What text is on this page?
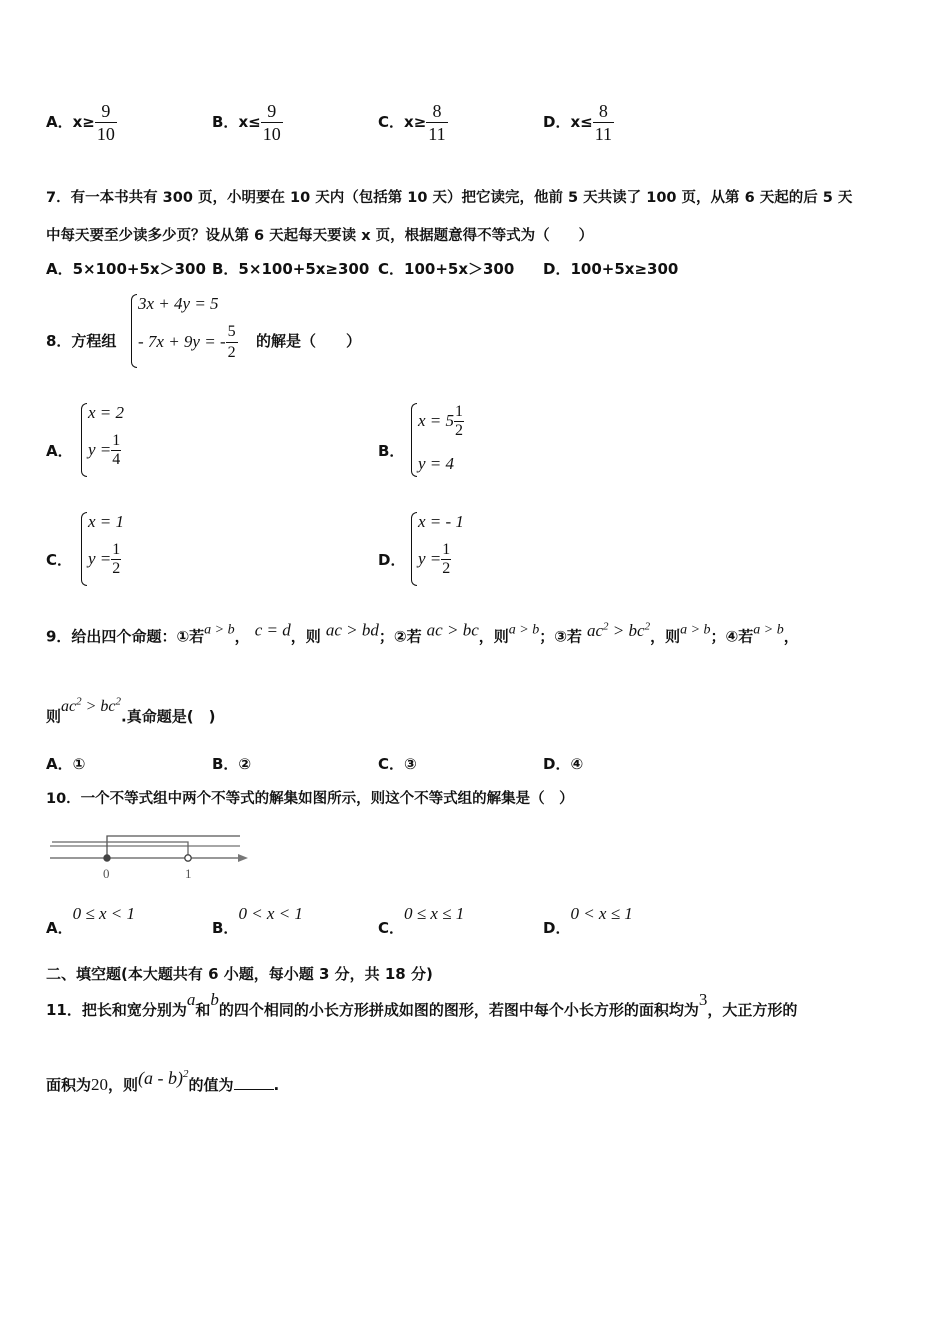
A．$x\ge \frac{9}{10}$	B．$x\le \frac{9}{10}$	C．$x\ge \frac{8}{11}$	D．$x\le \frac{8}{11}$
7．有一本书共有 300 页，小明要在 10 天内（包括第 10 天）把它读完，他前 5 天共读了 100 页，从第 6 天起的后 5 天
中每天要至少读多少页？设从第 6 天起每天要读 x 页，根据题意得不等式为（　　）
A．5×100+5x＞300 B．5×100+5x≥300 C．100+5x＞300 D．100+5x≥300
8．方程组
3x + 4y = 5
- 7x + 9y = - $\frac{5}{2}$ 的解是（　　）
A．
x = 2
$y = \frac{1}{4}$	B．
$x = 5 \frac{1}{2}$
y = 4
C．
x = 1
$y = \frac{1}{2}$	D．
x = - 1
$y = \frac{1}{2}$
9．给出四个命题：①若a > b， c = d，则 ac > bd；②若 ac > bc，则a > b；③若 $ac^2 > bc^2$，则a > b；④若a > b，
则$ac^2 > bc^2$.真命题是(　)
A．①	B．②	C．③	D．④
10．一个不等式组中两个不等式的解集如图所示，则这个不等式组的解集是（　）
0	1
A．0 ≤ x < 1
B．0 < x < 1
C．0 ≤ x ≤ 1
D．0 < x ≤ 1
二、填空题(本大题共有 6 小题，每小题 3 分，共 18 分)
11．把长和宽分别为a和b的四个相同的小长方形拼成如图的图形，若图中每个小长方形的面积均为3，大正方形的
面积为20，则(a - b)$^2$的值为	.
